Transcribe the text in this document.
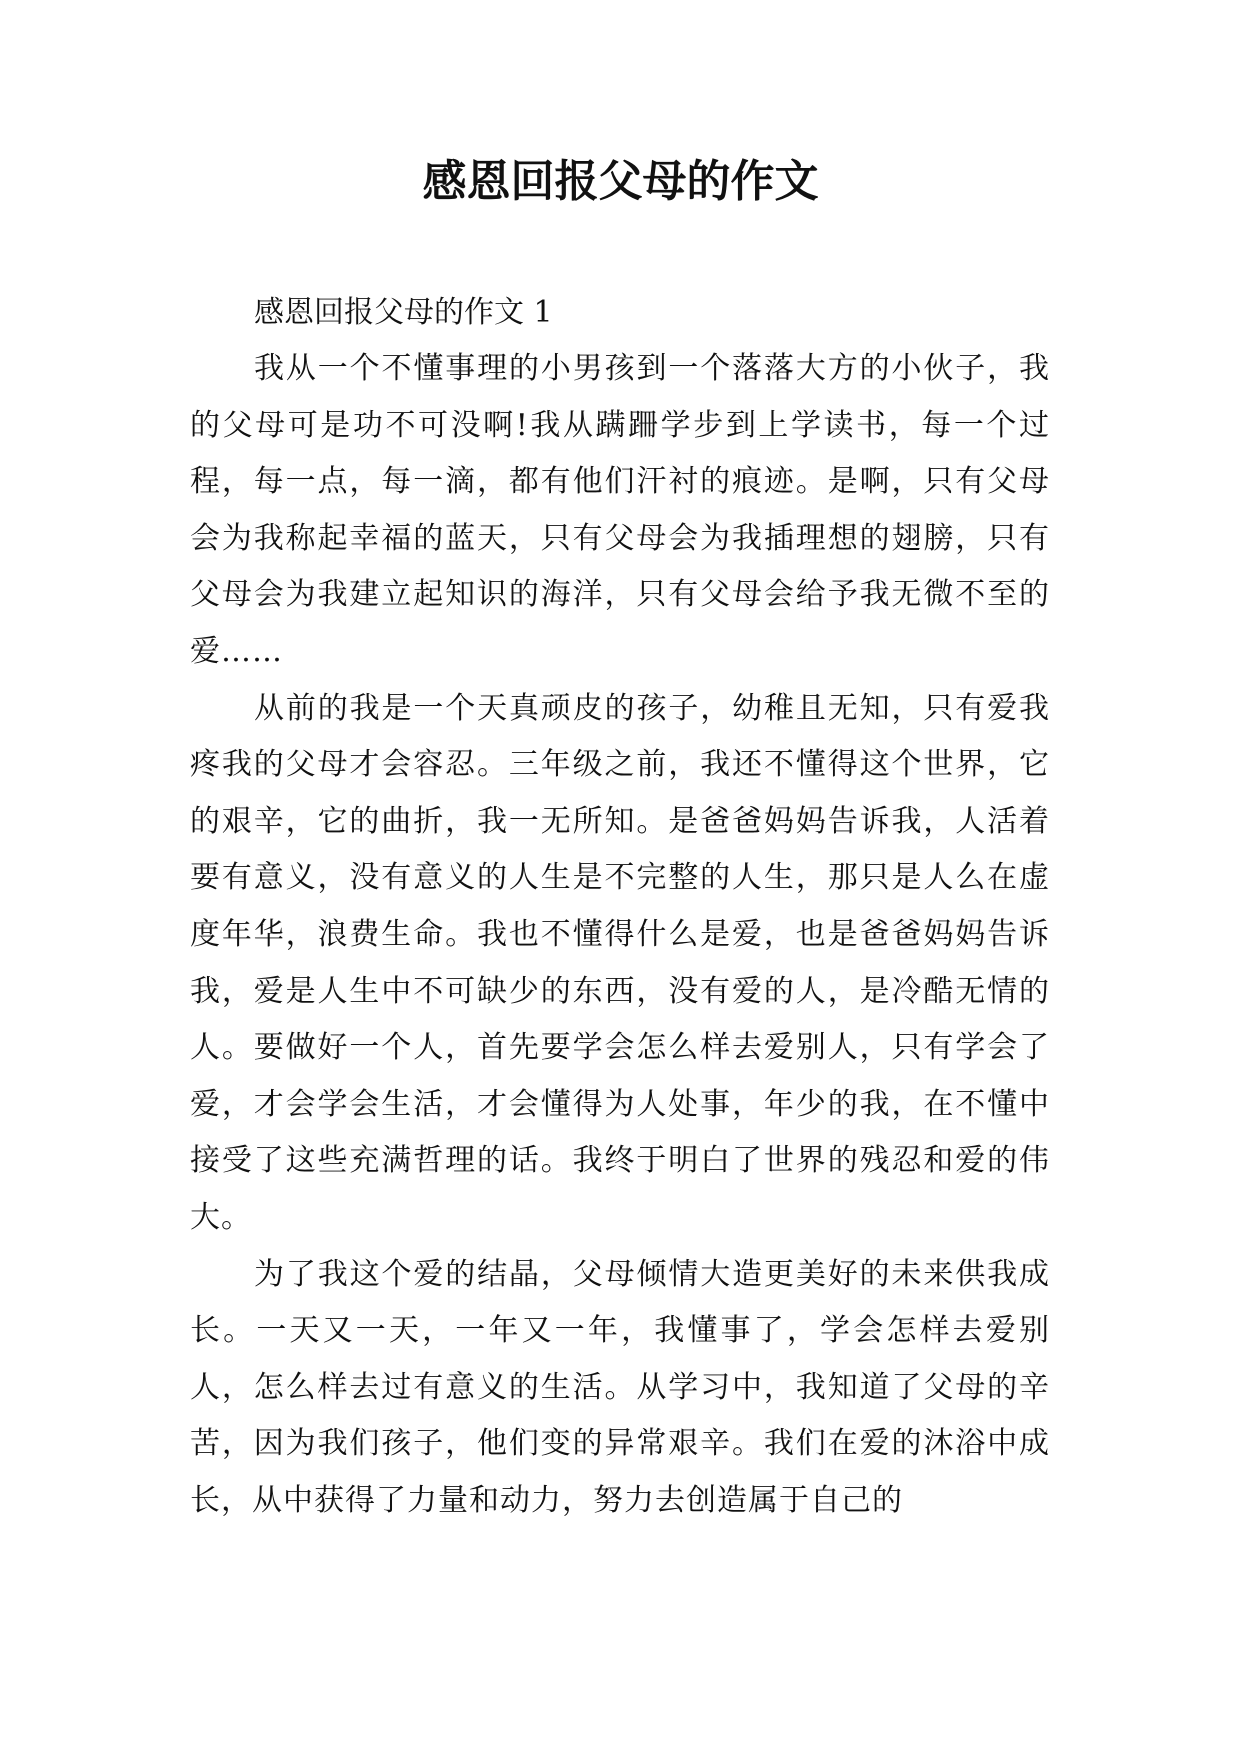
感恩回报父母的作文

感恩回报父母的作文 1

我从一个不懂事理的小男孩到一个落落大方的小伙子，我的父母可是功不可没啊!我从蹒跚学步到上学读书，每一个过程，每一点，每一滴，都有他们汗衬的痕迹。是啊，只有父母会为我称起幸福的蓝天，只有父母会为我插理想的翅膀，只有父母会为我建立起知识的海洋，只有父母会给予我无微不至的爱……

从前的我是一个天真顽皮的孩子，幼稚且无知，只有爱我疼我的父母才会容忍。三年级之前，我还不懂得这个世界，它的艰辛，它的曲折，我一无所知。是爸爸妈妈告诉我，人活着要有意义，没有意义的人生是不完整的人生，那只是人么在虚度年华，浪费生命。我也不懂得什么是爱，也是爸爸妈妈告诉我，爱是人生中不可缺少的东西，没有爱的人，是冷酷无情的人。要做好一个人，首先要学会怎么样去爱别人，只有学会了爱，才会学会生活，才会懂得为人处事，年少的我，在不懂中接受了这些充满哲理的话。我终于明白了世界的残忍和爱的伟大。

为了我这个爱的结晶，父母倾情大造更美好的未来供我成长。一天又一天，一年又一年，我懂事了，学会怎样去爱别人，怎么样去过有意义的生活。从学习中，我知道了父母的辛苦，因为我们孩子，他们变的异常艰辛。我们在爱的沐浴中成长，从中获得了力量和动力，努力去创造属于自己的
